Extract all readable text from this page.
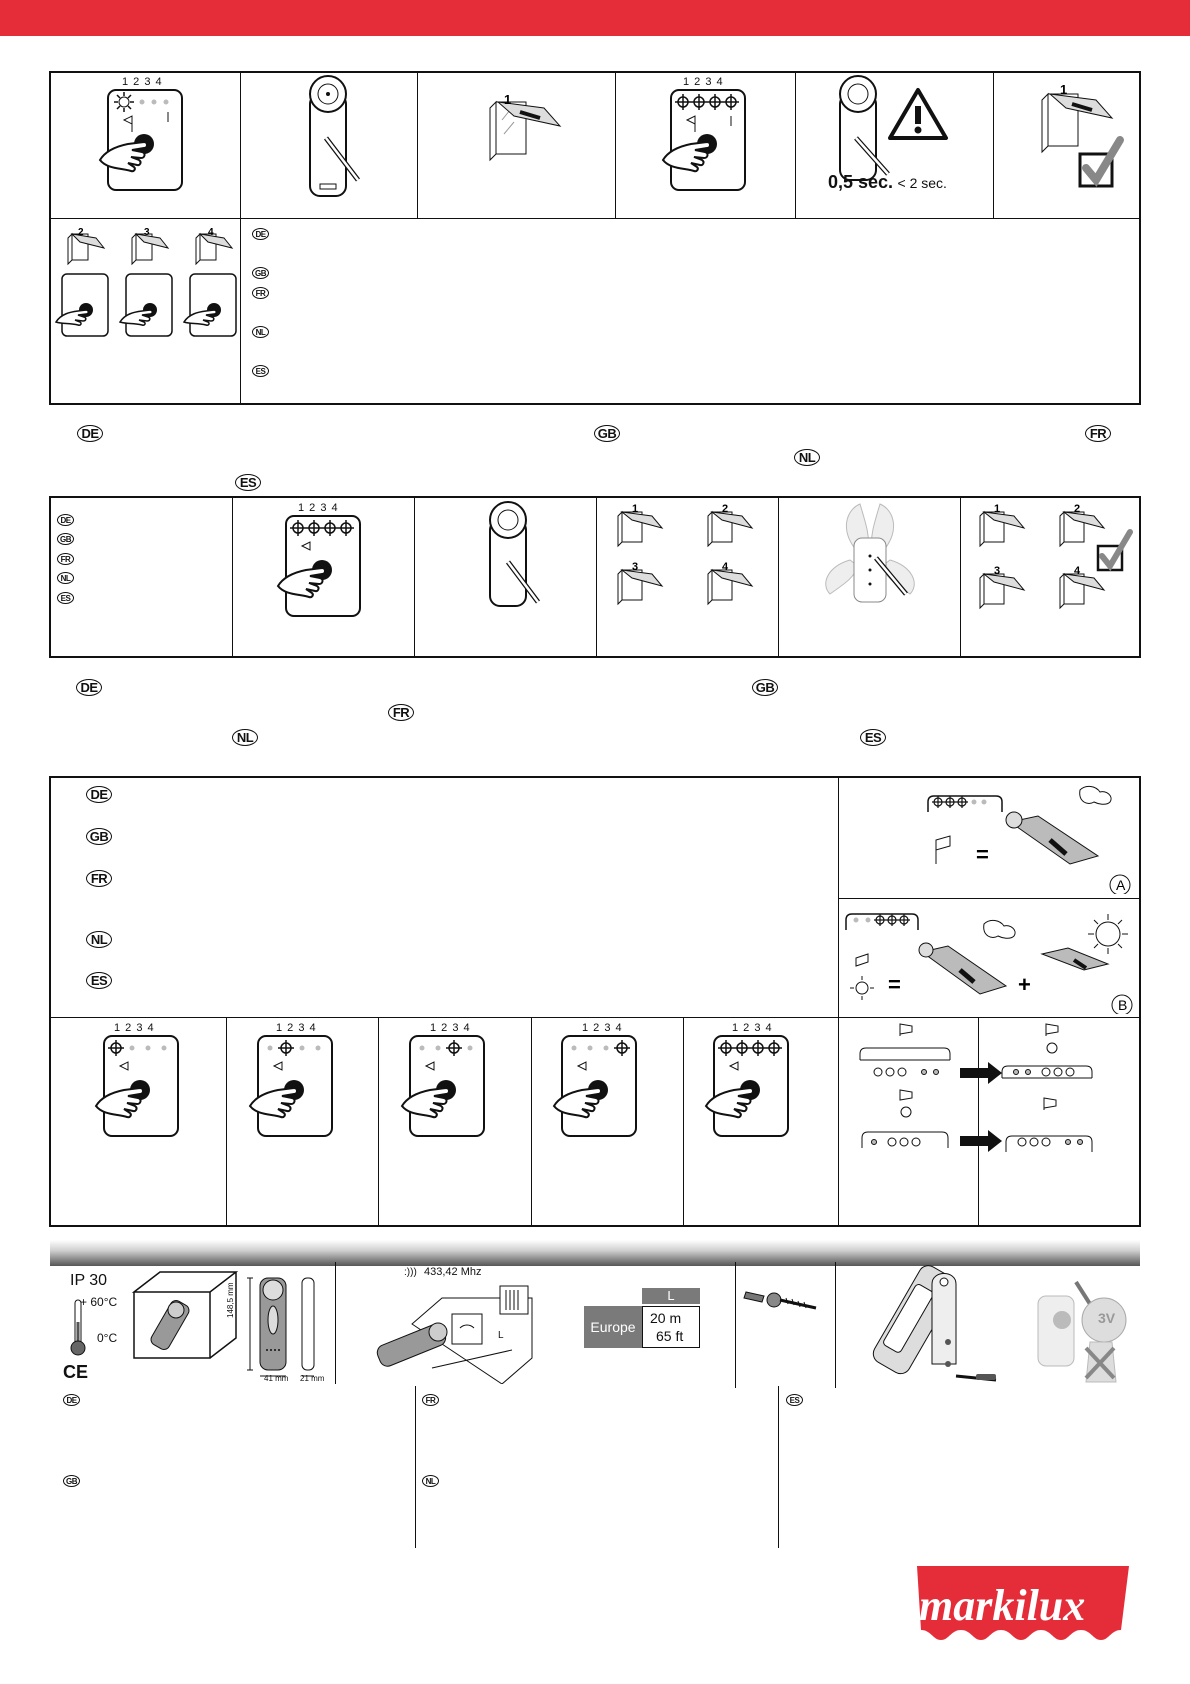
1 2 3 4
1
1 2 3 4
0,5 sec. < 2 sec.
1
2	3	4	DE
GB
FR
NL
ES
DE	GB	FR
NL
ES
DE
GB
FR
NL
ES
1 2 3 4	1	2
3	4
1	2
3	4
DE	GB
FR
NL	ES
DE
GB
FR
NL
ES
=
A
=	+
B
1 2 3 4	1 2 3 4	1 2 3 4	1 2 3 4	1 2 3 4
IP 30
+ 60°C
0°C
CE
148,5 mm
41 mm 21 mm
:))) 433,42 Mhz
L
L
Europe
20 m
65 ft
3V
DE
GB
FR
NL
ES
markilux
